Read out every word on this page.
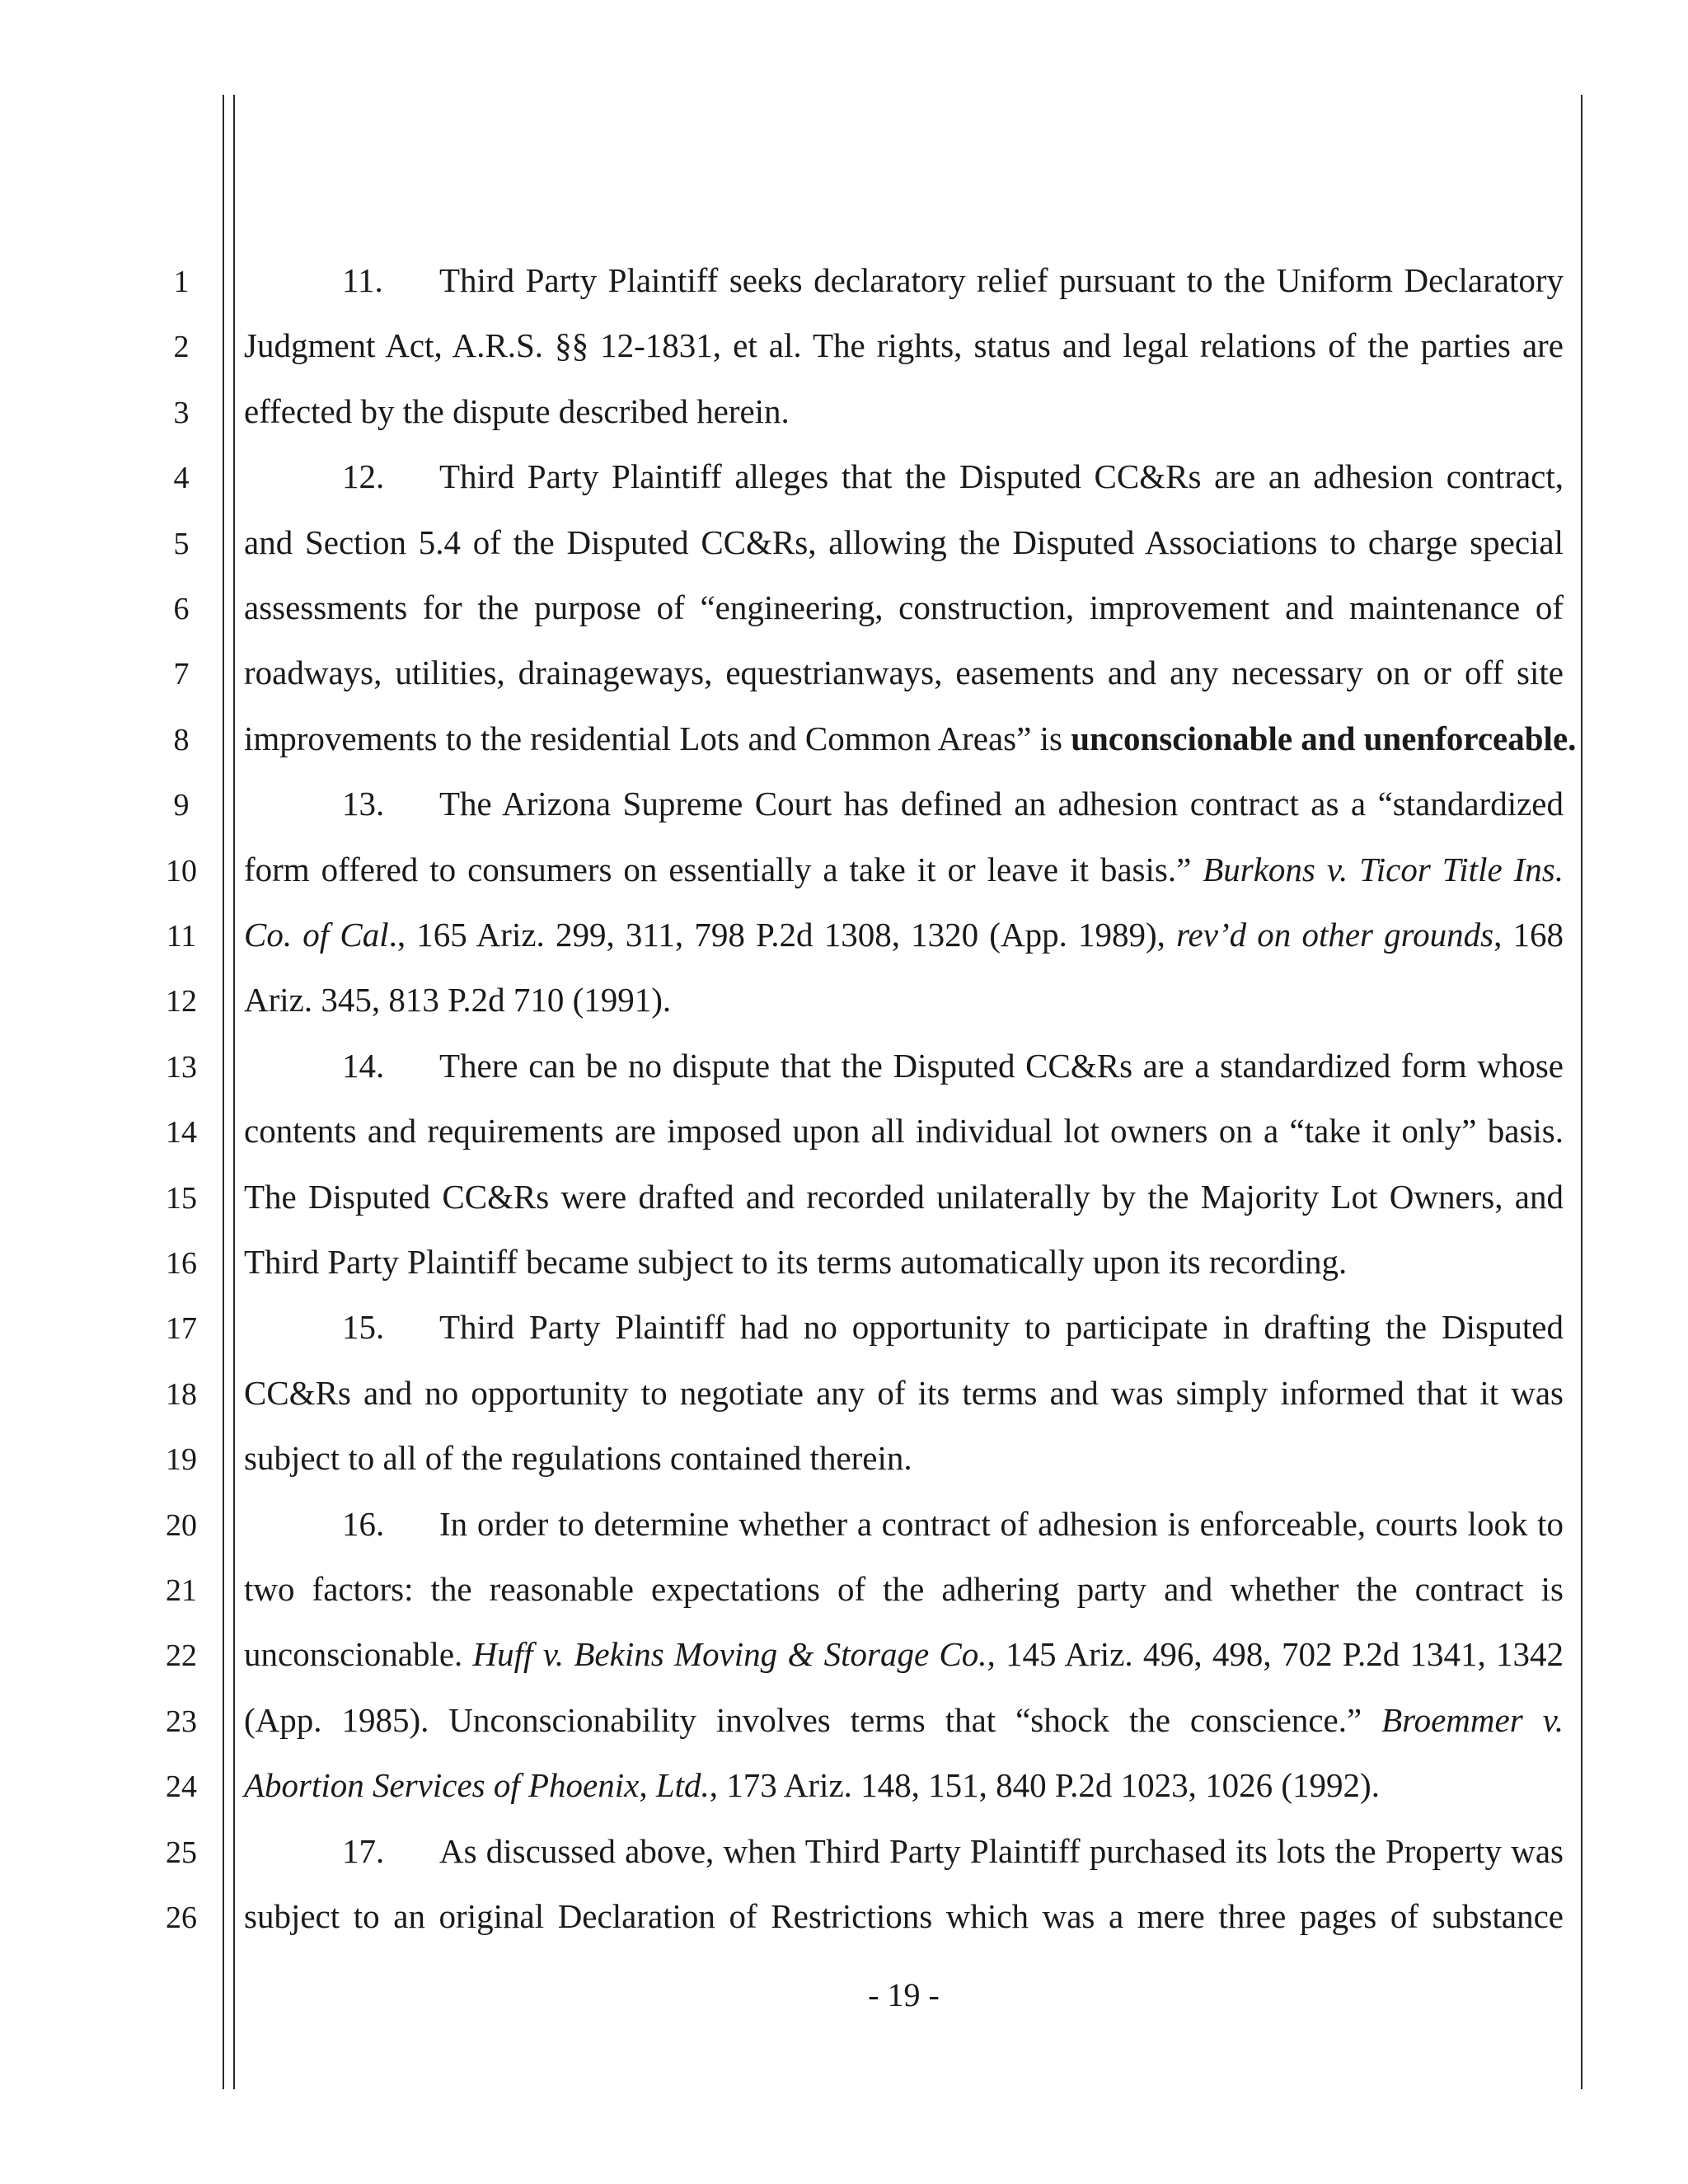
1
2
3
4
5
6
7
8
9
10
11
12
13
14
15
16
17
18
19
20
21
22
23
24
25
26
11. Third Party Plaintiff seeks declaratory relief pursuant to the Uniform Declaratory
Judgment Act, A.R.S. §§ 12-1831, et al. The rights, status and legal relations of the parties are
effected by the dispute described herein.
12. Third Party Plaintiff alleges that the Disputed CC&Rs are an adhesion contract,
and Section 5.4 of the Disputed CC&Rs, allowing the Disputed Associations to charge special
assessments for the purpose of “engineering, construction, improvement and maintenance of
roadways, utilities, drainageways, equestrianways, easements and any necessary on or off site
improvements to the residential Lots and Common Areas” is unconscionable and unenforceable.
13. The Arizona Supreme Court has defined an adhesion contract as a “standardized
form offered to consumers on essentially a take it or leave it basis.” Burkons v. Ticor Title Ins.
Co. of Cal., 165 Ariz. 299, 311, 798 P.2d 1308, 1320 (App. 1989), rev’d on other grounds, 168
Ariz. 345, 813 P.2d 710 (1991).
14. There can be no dispute that the Disputed CC&Rs are a standardized form whose
contents and requirements are imposed upon all individual lot owners on a “take it only” basis.
The Disputed CC&Rs were drafted and recorded unilaterally by the Majority Lot Owners, and
Third Party Plaintiff became subject to its terms automatically upon its recording.
15. Third Party Plaintiff had no opportunity to participate in drafting the Disputed
CC&Rs and no opportunity to negotiate any of its terms and was simply informed that it was
subject to all of the regulations contained therein.
16. In order to determine whether a contract of adhesion is enforceable, courts look to
two factors: the reasonable expectations of the adhering party and whether the contract is
unconscionable. Huff v. Bekins Moving & Storage Co., 145 Ariz. 496, 498, 702 P.2d 1341, 1342
(App. 1985). Unconscionability involves terms that “shock the conscience.” Broemmer v.
Abortion Services of Phoenix, Ltd., 173 Ariz. 148, 151, 840 P.2d 1023, 1026 (1992).
17. As discussed above, when Third Party Plaintiff purchased its lots the Property was
subject to an original Declaration of Restrictions which was a mere three pages of substance
- 19 -
